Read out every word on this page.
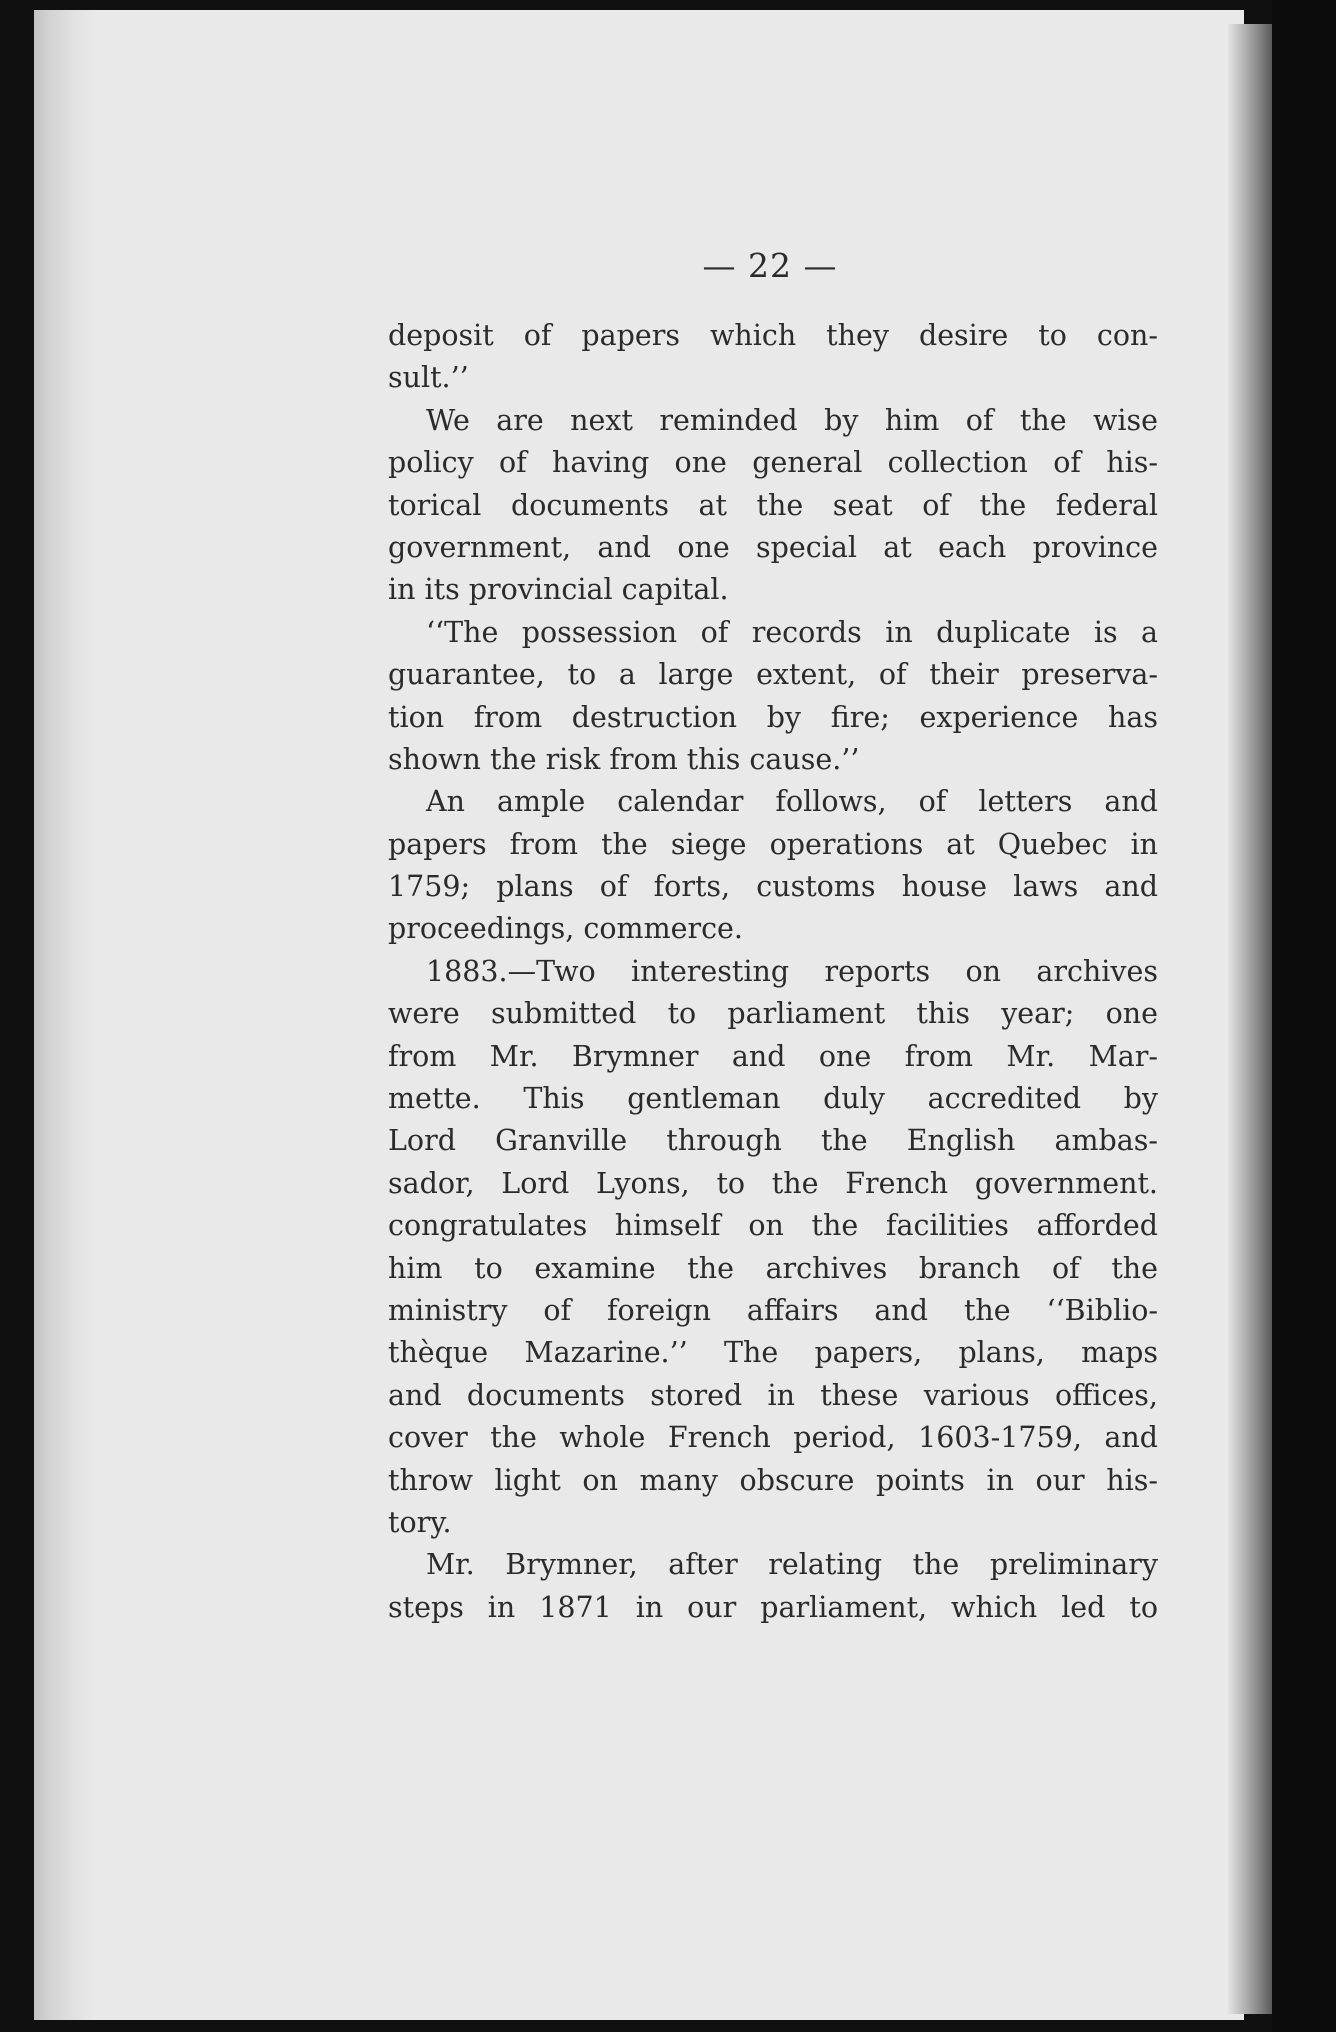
— 22 —
deposit of papers which they desire to con-
sult.’’
We are next reminded by him of the wise
policy of having one general collection of his-
torical documents at the seat of the federal
government, and one special at each province
in its provincial capital.
‘‘The possession of records in duplicate is a
guarantee, to a large extent, of their preserva-
tion from destruction by fire; experience has
shown the risk from this cause.’’
An ample calendar follows, of letters and
papers from the siege operations at Quebec in
1759; plans of forts, customs house laws and
proceedings, commerce.
1883.—Two interesting reports on archives
were submitted to parliament this year; one
from Mr. Brymner and one from Mr. Mar-
mette. This gentleman duly accredited by
Lord Granville through the English ambas-
sador, Lord Lyons, to the French government.
congratulates himself on the facilities afforded
him to examine the archives branch of the
ministry of foreign affairs and the ‘‘Biblio-
thèque Mazarine.’’ The papers, plans, maps
and documents stored in these various offices,
cover the whole French period, 1603-1759, and
throw light on many obscure points in our his-
tory.
Mr. Brymner, after relating the preliminary
steps in 1871 in our parliament, which led to
